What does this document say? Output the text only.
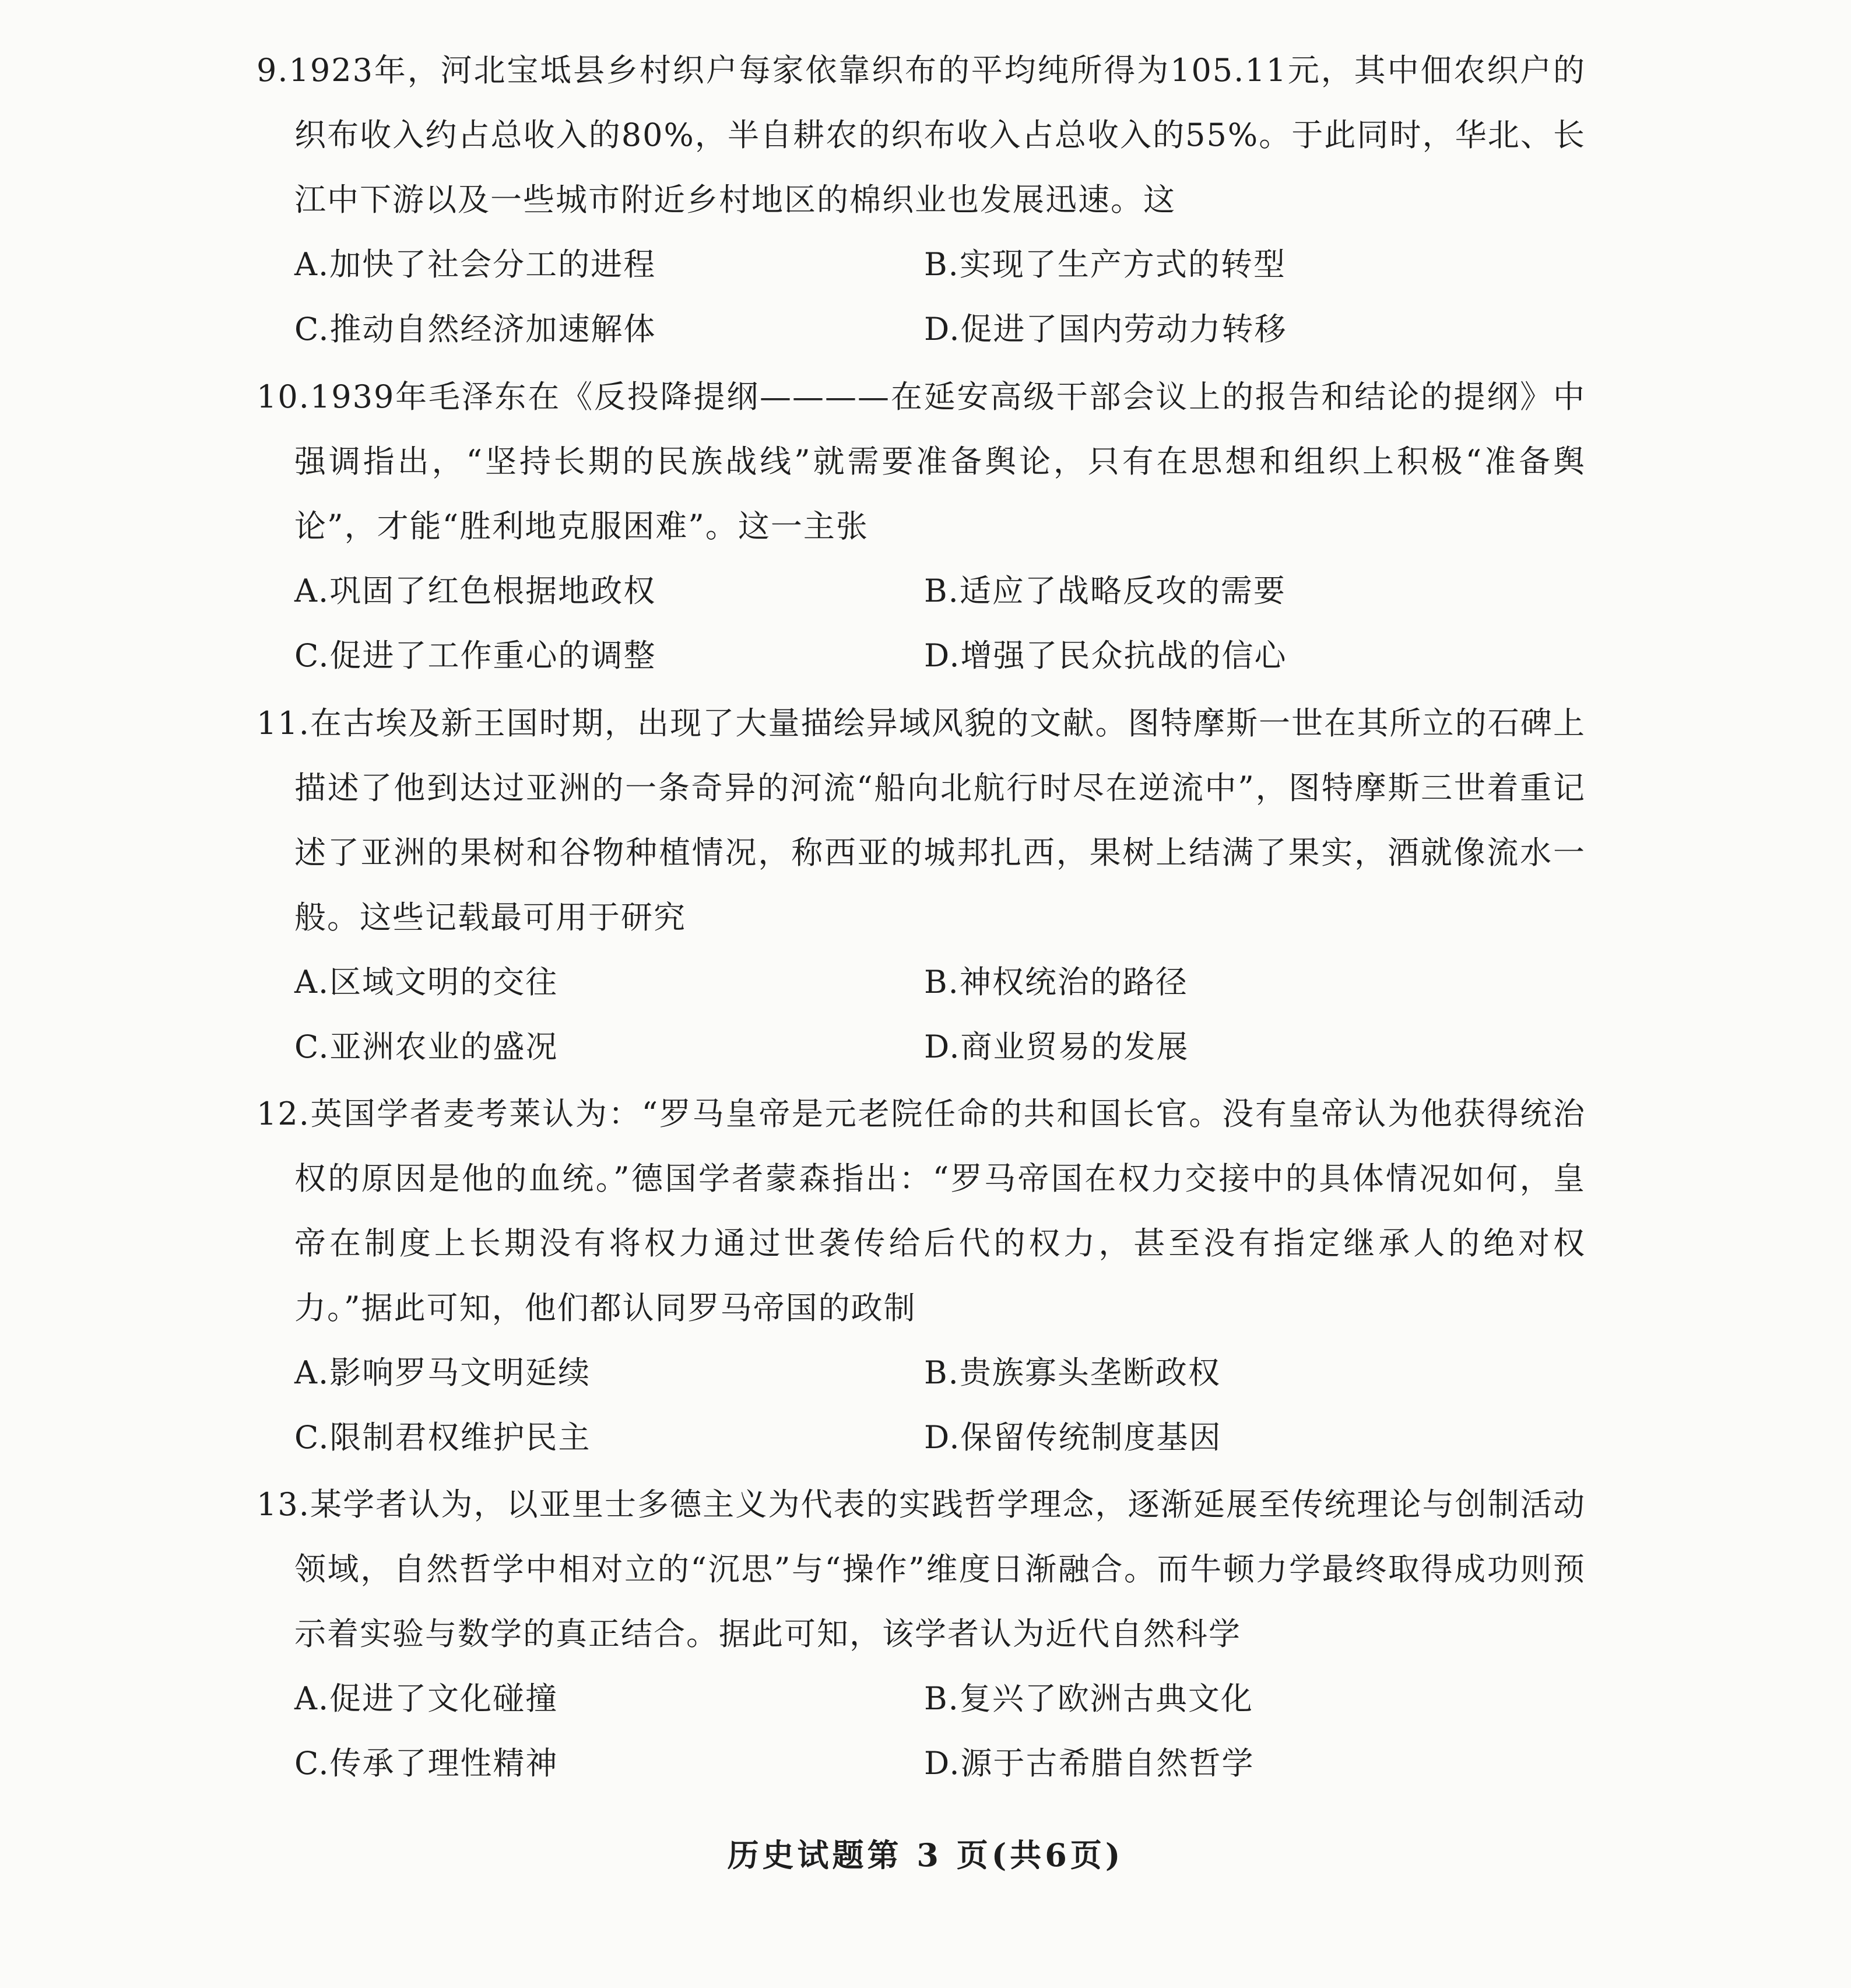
9.1923年，河北宝坻县乡村织户每家依靠织布的平均纯所得为105.11元，其中佃农织户的织布收入约占总收入的80%，半自耕农的织布收入占总收入的55%。于此同时，华北、长江中下游以及一些城市附近乡村地区的棉织业也发展迅速。这

A.加快了社会分工的进程	B.实现了生产方式的转型
C.推动自然经济加速解体	D.促进了国内劳动力转移

10.1939年毛泽东在《反投降提纲————在延安高级干部会议上的报告和结论的提纲》中强调指出，“坚持长期的民族战线”就需要准备舆论，只有在思想和组织上积极“准备舆论”，才能“胜利地克服困难”。这一主张

A.巩固了红色根据地政权	B.适应了战略反攻的需要
C.促进了工作重心的调整	D.增强了民众抗战的信心

11.在古埃及新王国时期，出现了大量描绘异域风貌的文献。图特摩斯一世在其所立的石碑上描述了他到达过亚洲的一条奇异的河流“船向北航行时尽在逆流中”，图特摩斯三世着重记述了亚洲的果树和谷物种植情况，称西亚的城邦扎西，果树上结满了果实，酒就像流水一般。这些记载最可用于研究

A.区域文明的交往	B.神权统治的路径
C.亚洲农业的盛况	D.商业贸易的发展

12.英国学者麦考莱认为：“罗马皇帝是元老院任命的共和国长官。没有皇帝认为他获得统治权的原因是他的血统。”德国学者蒙森指出：“罗马帝国在权力交接中的具体情况如何，皇帝在制度上长期没有将权力通过世袭传给后代的权力，甚至没有指定继承人的绝对权力。”据此可知，他们都认同罗马帝国的政制

A.影响罗马文明延续	B.贵族寡头垄断政权
C.限制君权维护民主	D.保留传统制度基因

13.某学者认为，以亚里士多德主义为代表的实践哲学理念，逐渐延展至传统理论与创制活动领域，自然哲学中相对立的“沉思”与“操作”维度日渐融合。而牛顿力学最终取得成功则预示着实验与数学的真正结合。据此可知，该学者认为近代自然科学

A.促进了文化碰撞	B.复兴了欧洲古典文化
C.传承了理性精神	D.源于古希腊自然哲学
历史试题第 3 页(共6页)
